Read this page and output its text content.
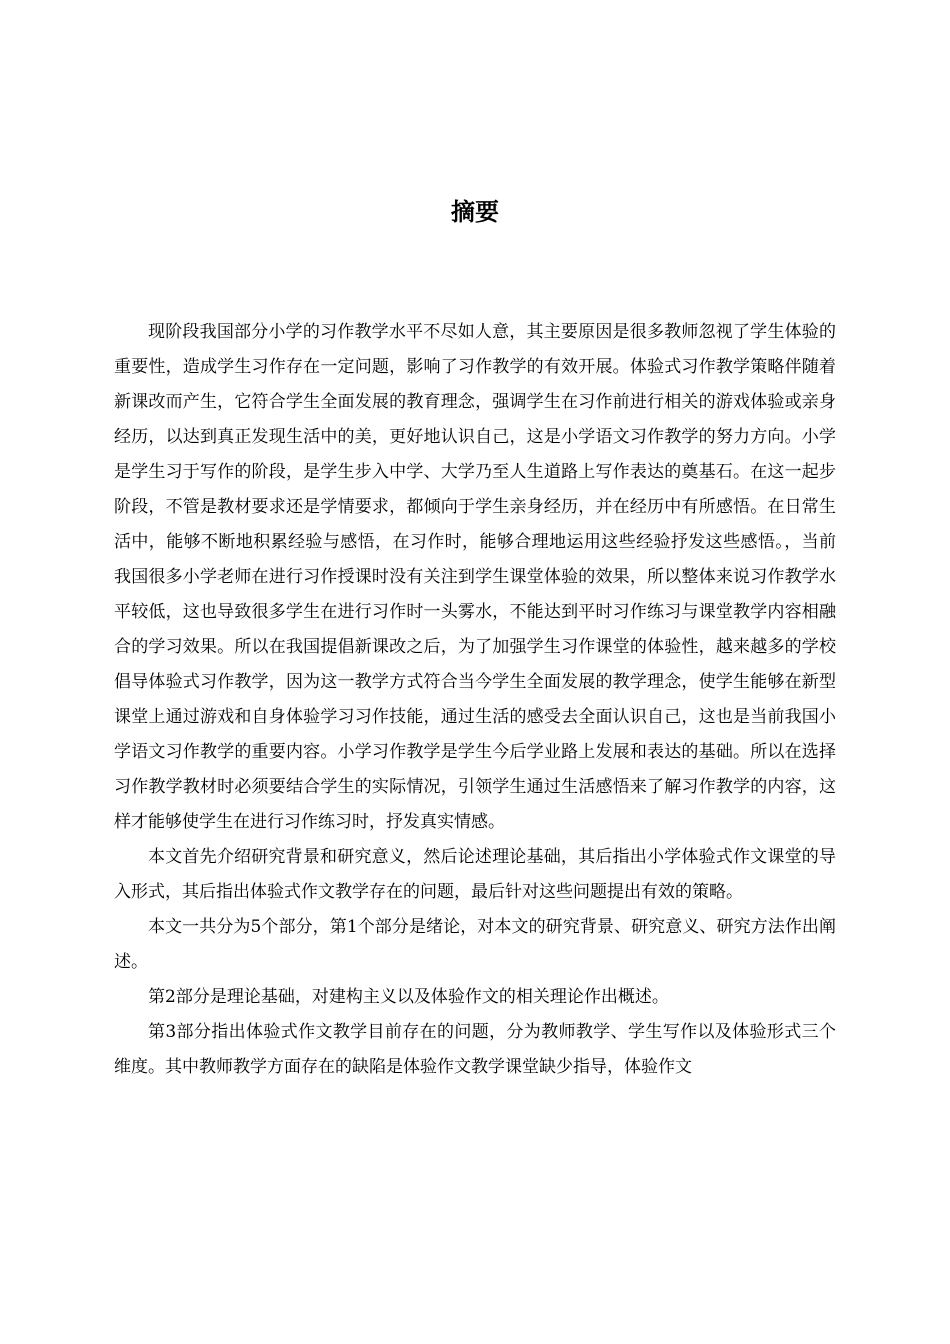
摘要

现阶段我国部分小学的习作教学水平不尽如人意，其主要原因是很多教师忽视了学生体验的重要性，造成学生习作存在一定问题，影响了习作教学的有效开展。体验式习作教学策略伴随着新课改而产生，它符合学生全面发展的教育理念，强调学生在习作前进行相关的游戏体验或亲身经历，以达到真正发现生活中的美，更好地认识自己，这是小学语文习作教学的努力方向。小学是学生习于写作的阶段，是学生步入中学、大学乃至人生道路上写作表达的奠基石。在这一起步阶段，不管是教材要求还是学情要求，都倾向于学生亲身经历，并在经历中有所感悟。在日常生活中，能够不断地积累经验与感悟，在习作时，能够合理地运用这些经验抒发这些感悟。，当前我国很多小学老师在进行习作授课时没有关注到学生课堂体验的效果，所以整体来说习作教学水平较低，这也导致很多学生在进行习作时一头雾水，不能达到平时习作练习与课堂教学内容相融合的学习效果。所以在我国提倡新课改之后，为了加强学生习作课堂的体验性，越来越多的学校倡导体验式习作教学，因为这一教学方式符合当今学生全面发展的教学理念，使学生能够在新型课堂上通过游戏和自身体验学习习作技能，通过生活的感受去全面认识自己，这也是当前我国小学语文习作教学的重要内容。小学习作教学是学生今后学业路上发展和表达的基础。所以在选择习作教学教材时必须要结合学生的实际情况，引领学生通过生活感悟来了解习作教学的内容，这样才能够使学生在进行习作练习时，抒发真实情感。

本文首先介绍研究背景和研究意义，然后论述理论基础，其后指出小学体验式作文课堂的导入形式，其后指出体验式作文教学存在的问题，最后针对这些问题提出有效的策略。

本文一共分为5个部分，第1个部分是绪论，对本文的研究背景、研究意义、研究方法作出阐述。

第2部分是理论基础，对建构主义以及体验作文的相关理论作出概述。

第3部分指出体验式作文教学目前存在的问题，分为教师教学、学生写作以及体验形式三个维度。其中教师教学方面存在的缺陷是体验作文教学课堂缺少指导，体验作文
